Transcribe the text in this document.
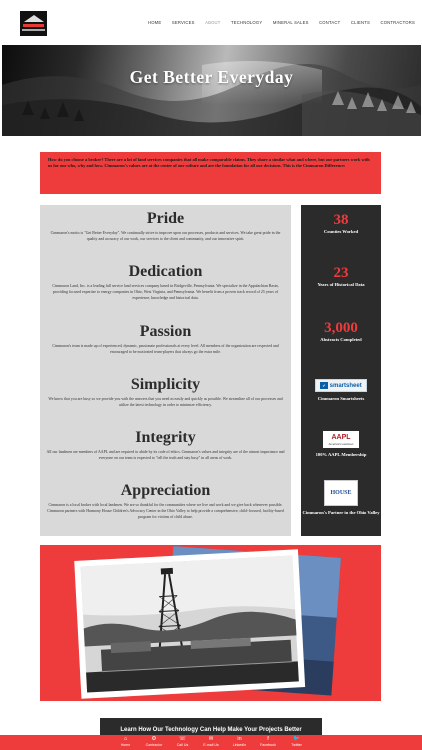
HOME	SERVICES	ABOUT	TECHNOLOGY	MINERAL SALES	CONTACT	CLIENTS	CONTRACTORS
Get Better Everyday

How do you choose a broker? There are a lot of land services companies that all make comparable claims. They share a similar what and where, but our partners work with us for our who, why and how. Cimmaron's values are at the center of our culture and are the foundation for all our decisions. This is the Cimmaron Difference:

Pride

Cimmaron's motto is "Get Better Everyday". We continually strive to improve upon our processes, products and services. We take great pride in the quality and accuracy of our work, our services to the client and community, and our innovative spirit.

Dedication

Cimmaron Land, Inc. is a leading full service land services company based in Bridgeville, Pennsylvania. We specialize in the Appalachian Basin, providing focused expertise to energy companies in Ohio, West Virginia, and Pennsylvania. We benefit from a proven track record of 25 years of experience, knowledge and historical data.

Passion

Cimmaron's team is made up of experienced, dynamic, passionate professionals at every level. All members of the organization are respected and encouraged to be motivated team-players that always go the extra mile.

Simplicity

We know that you are busy so we provide you with the answers that you need as easily and quickly as possible. We streamline all of our processes and utilize the latest technology in order to minimize efficiency.

Integrity

All our landmen are members of AAPL and are required to abide by its code of ethics. Cimmaron's values and integrity are of the utmost importance and everyone on our team is expected to "tell the truth and stay busy" in all areas of work.

Appreciation

Cimmaron is a local broker with local landmen. We are so thankful for the communities where we live and work and we give back whenever possible. Cimmaron partners with Harmony House Children's Advocacy Center in the Ohio Valley to help provide a comprehensive, child-focused, facility-based program for victims of child abuse.

38
Counties Worked
23
Years of Historical Data
3,000
Abstracts Completed
✔ smartsheet
Cimmaron Smartsheets
AAPL
America's Landmen
100% AAPL Membership
HOUSE
Cimmaron's Partner in the Ohio Valley
Learn How Our Technology Can Help Make Your Projects Better
⌂
Home
⚙
Contractor
☏
Call Us
✉
E-mail Us
in
LinkedIn
f
Facebook
🐦
Twitter
